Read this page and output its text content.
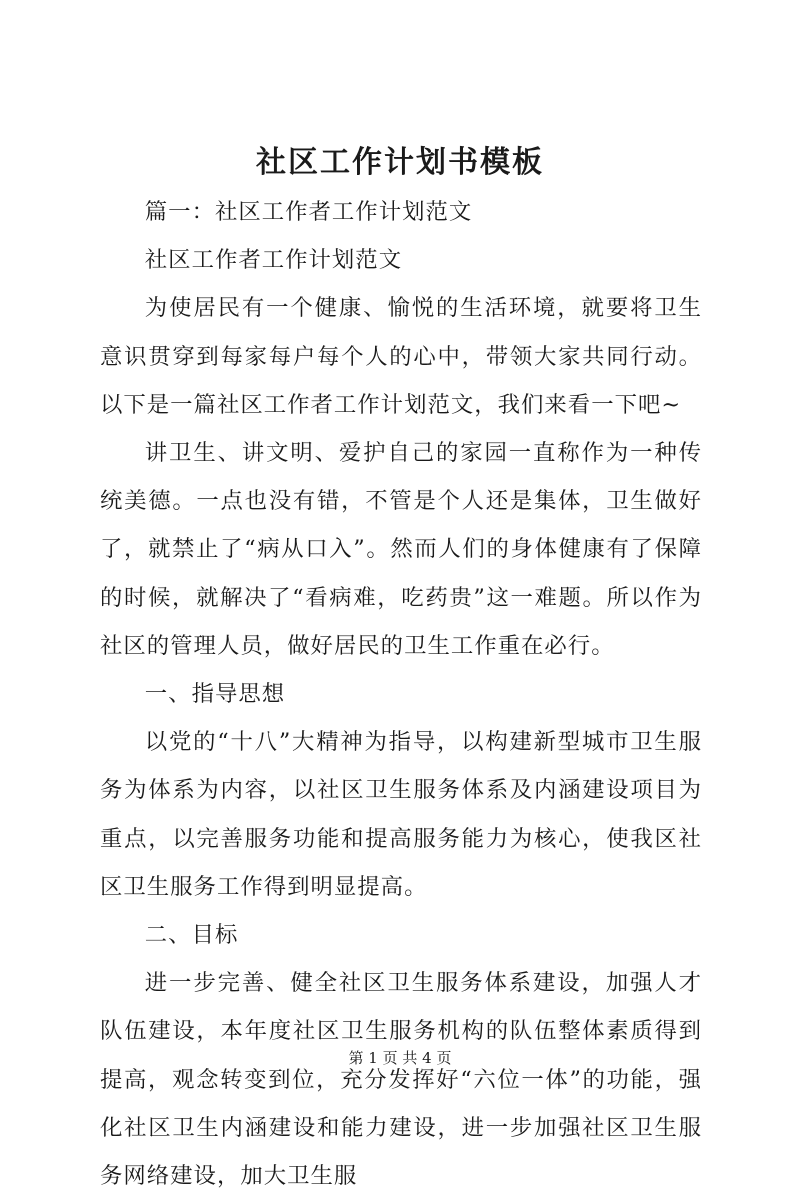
社区工作计划书模板

篇一：社区工作者工作计划范文

社区工作者工作计划范文

为使居民有一个健康、愉悦的生活环境，就要将卫生意识贯穿到每家每户每个人的心中，带领大家共同行动。以下是一篇社区工作者工作计划范文，我们来看一下吧~

讲卫生、讲文明、爱护自己的家园一直称作为一种传统美德。一点也没有错，不管是个人还是集体，卫生做好了，就禁止了“病从口入”。然而人们的身体健康有了保障的时候，就解决了“看病难，吃药贵”这一难题。所以作为社区的管理人员，做好居民的卫生工作重在必行。

一、指导思想

以党的“十八”大精神为指导，以构建新型城市卫生服务为体系为内容，以社区卫生服务体系及内涵建设项目为重点，以完善服务功能和提高服务能力为核心，使我区社区卫生服务工作得到明显提高。

二、目标

进一步完善、健全社区卫生服务体系建设，加强人才队伍建设，本年度社区卫生服务机构的队伍整体素质得到提高，观念转变到位，充分发挥好“六位一体”的功能，强化社区卫生内涵建设和能力建设，进一步加强社区卫生服务网络建设，加大卫生服

第 1 页 共 4 页
